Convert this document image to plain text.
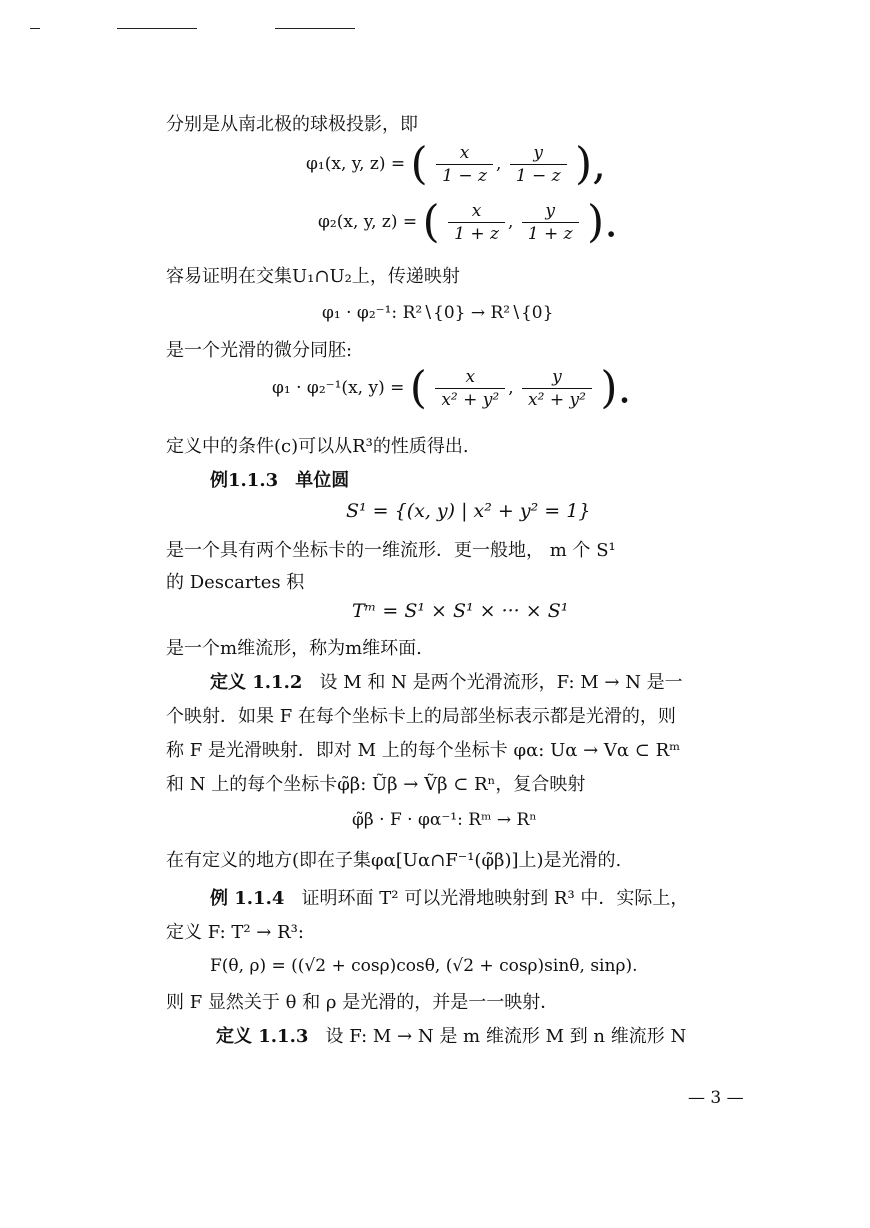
分别是从南北极的球极投影，即
φ₁(x, y, z) = ( $\frac{x}{1 - z}$ , $\frac{y}{1 - z}$ ),
φ₂(x, y, z) = ( $\frac{x}{1 + z}$ , $\frac{y}{1 + z}$ ).
容易证明在交集U₁∩U₂上，传递映射
φ₁ · φ₂⁻¹: R²∖{0} → R²∖{0}
是一个光滑的微分同胚:
φ₁ · φ₂⁻¹(x, y) = ( $\frac{x}{\text{x² + y²}}$ , $\frac{y}{\text{x² + y²}}$ ).
定义中的条件(c)可以从R³的性质得出.
例1.1.3 单位圆
S¹ = {(x, y) | x² + y² = 1}
是一个具有两个坐标卡的一维流形．更一般地， m 个 S¹
的 Descartes 积
Tᵐ = S¹ × S¹ × ··· × S¹
是一个m维流形，称为m维环面.
定义 1.1.2 设 M 和 N 是两个光滑流形，F: M → N 是一
个映射．如果 F 在每个坐标卡上的局部坐标表示都是光滑的，则
称 F 是光滑映射．即对 M 上的每个坐标卡 φα: Uα → Vα ⊂ Rᵐ
和 N 上的每个坐标卡φ̃β: Ũβ → Ṽβ ⊂ Rⁿ，复合映射
φ̃β · F · φα⁻¹: Rᵐ → Rⁿ
在有定义的地方(即在子集φα[Uα∩F⁻¹(φ̃β)]上)是光滑的.
例 1.1.4 证明环面 T² 可以光滑地映射到 R³ 中．实际上，
定义 F: T² → R³:
F(θ, ρ) = ((√2 + cosρ)cosθ, (√2 + cosρ)sinθ, sinρ).
则 F 显然关于 θ 和 ρ 是光滑的，并是一一映射．
定义 1.1.3 设 F: M → N 是 m 维流形 M 到 n 维流形 N
— 3 —
